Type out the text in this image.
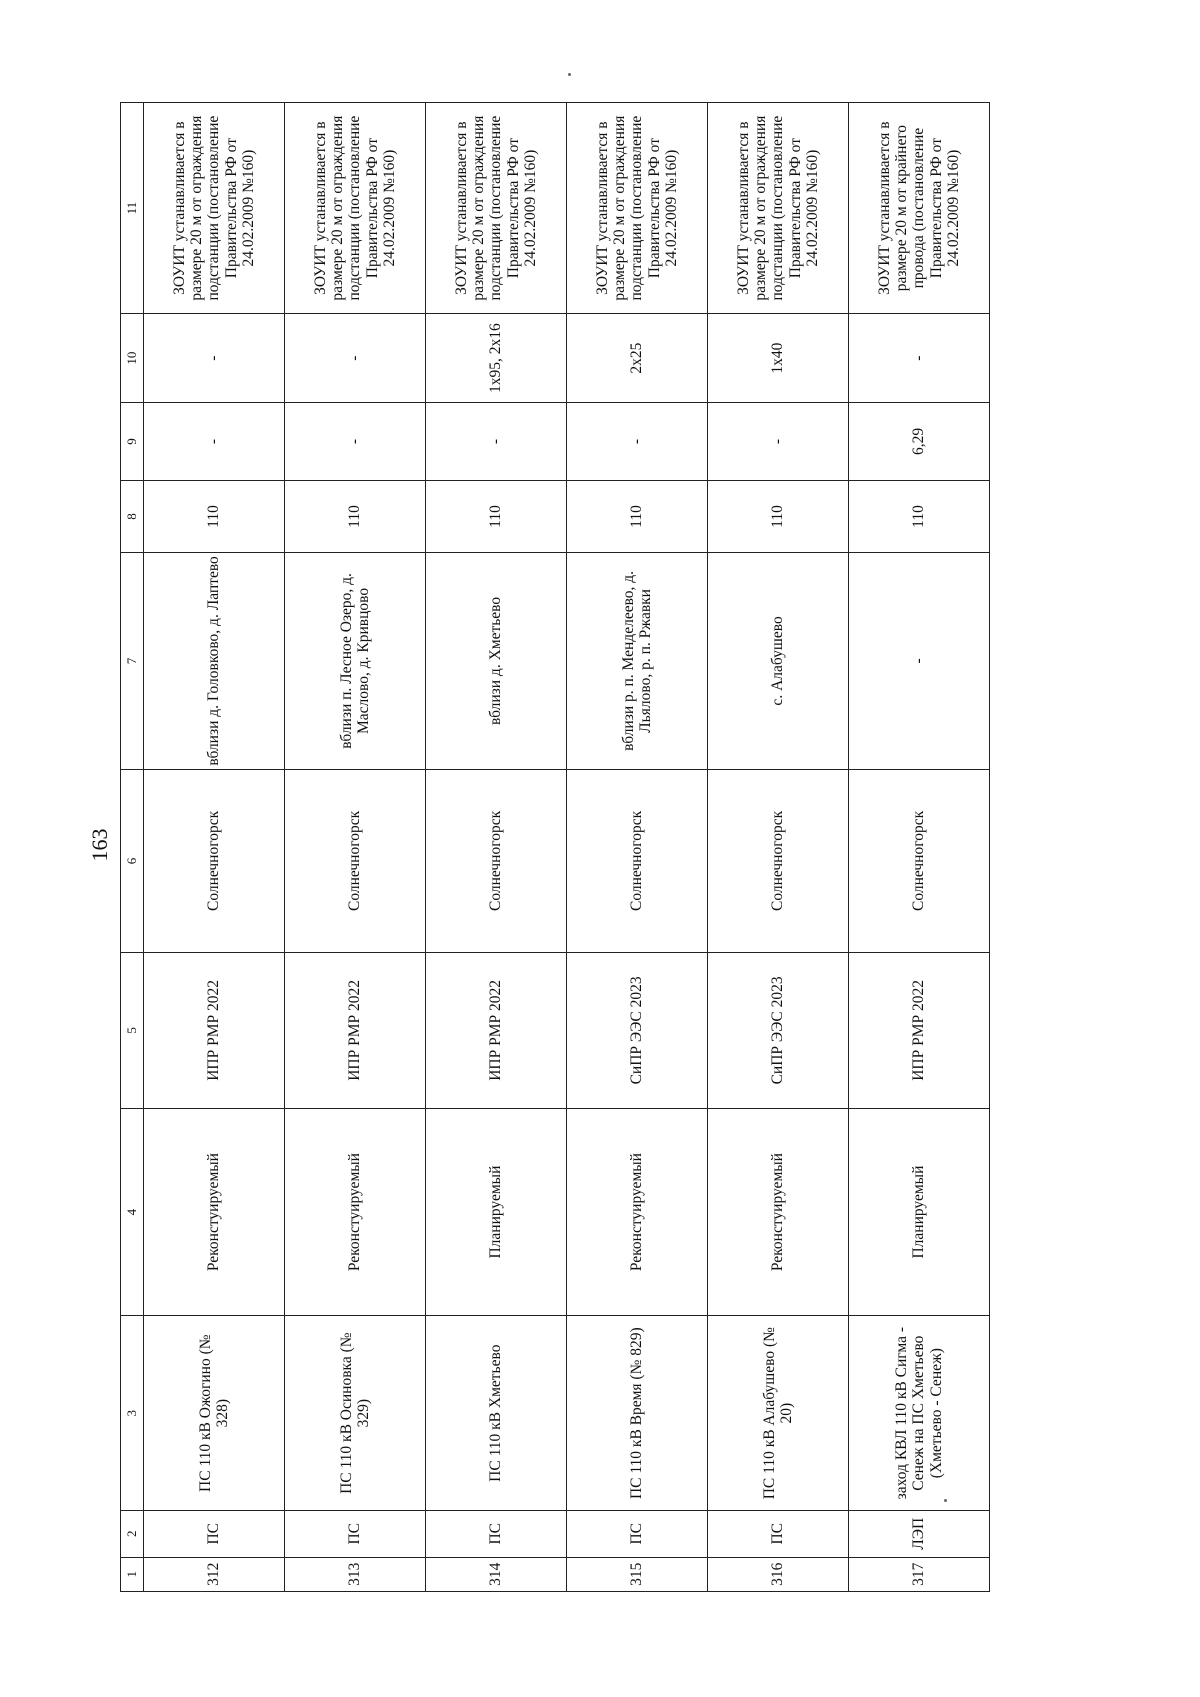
163
1	2	3	4	5	6	7	8	9	10	11
312	ПС	ПС 110 кВ Ожогино (№ 328)	Реконстуируемый	ИПР РМР 2022	Солнечногорск	вблизи д. Головково, д. Лаптево	110	-	-	ЗОУИТ устанавливается в размере 20 м от ограждения подстанции (постановление Правительства РФ от 24.02.2009 №160)
313	ПС	ПС 110 кВ Осиновка (№ 329)	Реконстуируемый	ИПР РМР 2022	Солнечногорск	вблизи п. Лесное Озеро, д. Маслово, д. Кривцово	110	-	-	ЗОУИТ устанавливается в размере 20 м от ограждения подстанции (постановление Правительства РФ от 24.02.2009 №160)
314	ПС	ПС 110 кВ Хметьево	Планируемый	ИПР РМР 2022	Солнечногорск	вблизи д. Хметьево	110	-	1х95, 2х16	ЗОУИТ устанавливается в размере 20 м от ограждения подстанции (постановление Правительства РФ от 24.02.2009 №160)
315	ПС	ПС 110 кВ Время (№ 829)	Реконстуируемый	СиПР ЭЭС 2023	Солнечногорск	вблизи р. п. Менделеево, д. Льялово, р. п. Ржавки	110	-	2х25	ЗОУИТ устанавливается в размере 20 м от ограждения подстанции (постановление Правительства РФ от 24.02.2009 №160)
316	ПС	ПС 110 кВ Алабушево (№ 20)	Реконстуируемый	СиПР ЭЭС 2023	Солнечногорск	с. Алабушево	110	-	1х40	ЗОУИТ устанавливается в размере 20 м от ограждения подстанции (постановление Правительства РФ от 24.02.2009 №160)
317	ЛЭП	заход КВЛ 110 кВ Сигма - Сенеж на ПС Хметьево (Хметьево - Сенеж)	Планируемый	ИПР РМР 2022	Солнечногорск	-	110	6,29	-	ЗОУИТ устанавливается в размере 20 м от крайнего провода (постановление Правительства РФ от 24.02.2009 №160)
